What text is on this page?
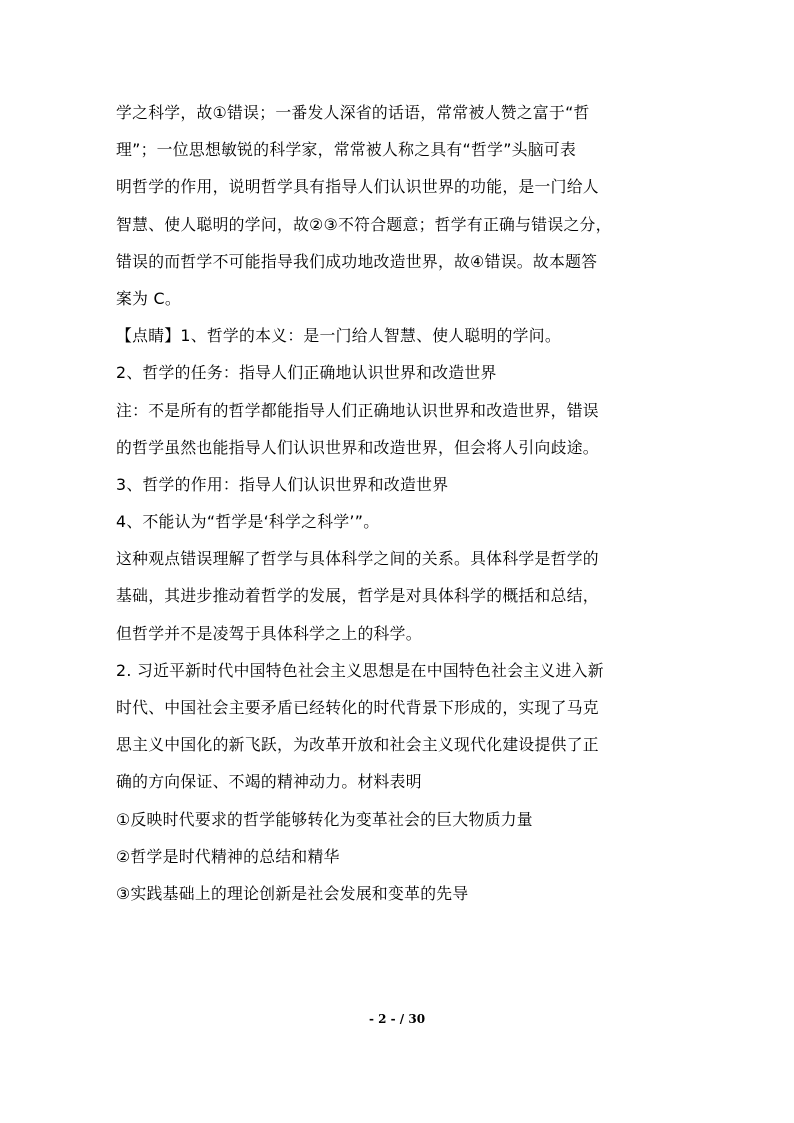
学之科学，故①错误；一番发人深省的话语，常常被人赞之富于“哲
理”；一位思想敏锐的科学家，常常被人称之具有“哲学”头脑可表
明哲学的作用，说明哲学具有指导人们认识世界的功能，是一门给人
智慧、使人聪明的学问，故②③不符合题意；哲学有正确与错误之分，
错误的而哲学不可能指导我们成功地改造世界，故④错误。故本题答
案为 C。
【点睛】1、哲学的本义：是一门给人智慧、使人聪明的学问。
2、哲学的任务：指导人们正确地认识世界和改造世界
注：不是所有的哲学都能指导人们正确地认识世界和改造世界，错误
的哲学虽然也能指导人们认识世界和改造世界，但会将人引向歧途。
3、哲学的作用：指导人们认识世界和改造世界
4、不能认为“哲学是‘科学之科学’”。
这种观点错误理解了哲学与具体科学之间的关系。具体科学是哲学的
基础，其进步推动着哲学的发展，哲学是对具体科学的概括和总结，
但哲学并不是凌驾于具体科学之上的科学。
2. 习近平新时代中国特色社会主义思想是在中国特色社会主义进入新
时代、中国社会主要矛盾已经转化的时代背景下形成的，实现了马克
思主义中国化的新飞跃，为改革开放和社会主义现代化建设提供了正
确的方向保证、不竭的精神动力。材料表明
①反映时代要求的哲学能够转化为变革社会的巨大物质力量
②哲学是时代精神的总结和精华
③实践基础上的理论创新是社会发展和变革的先导
- 2 - / 30
